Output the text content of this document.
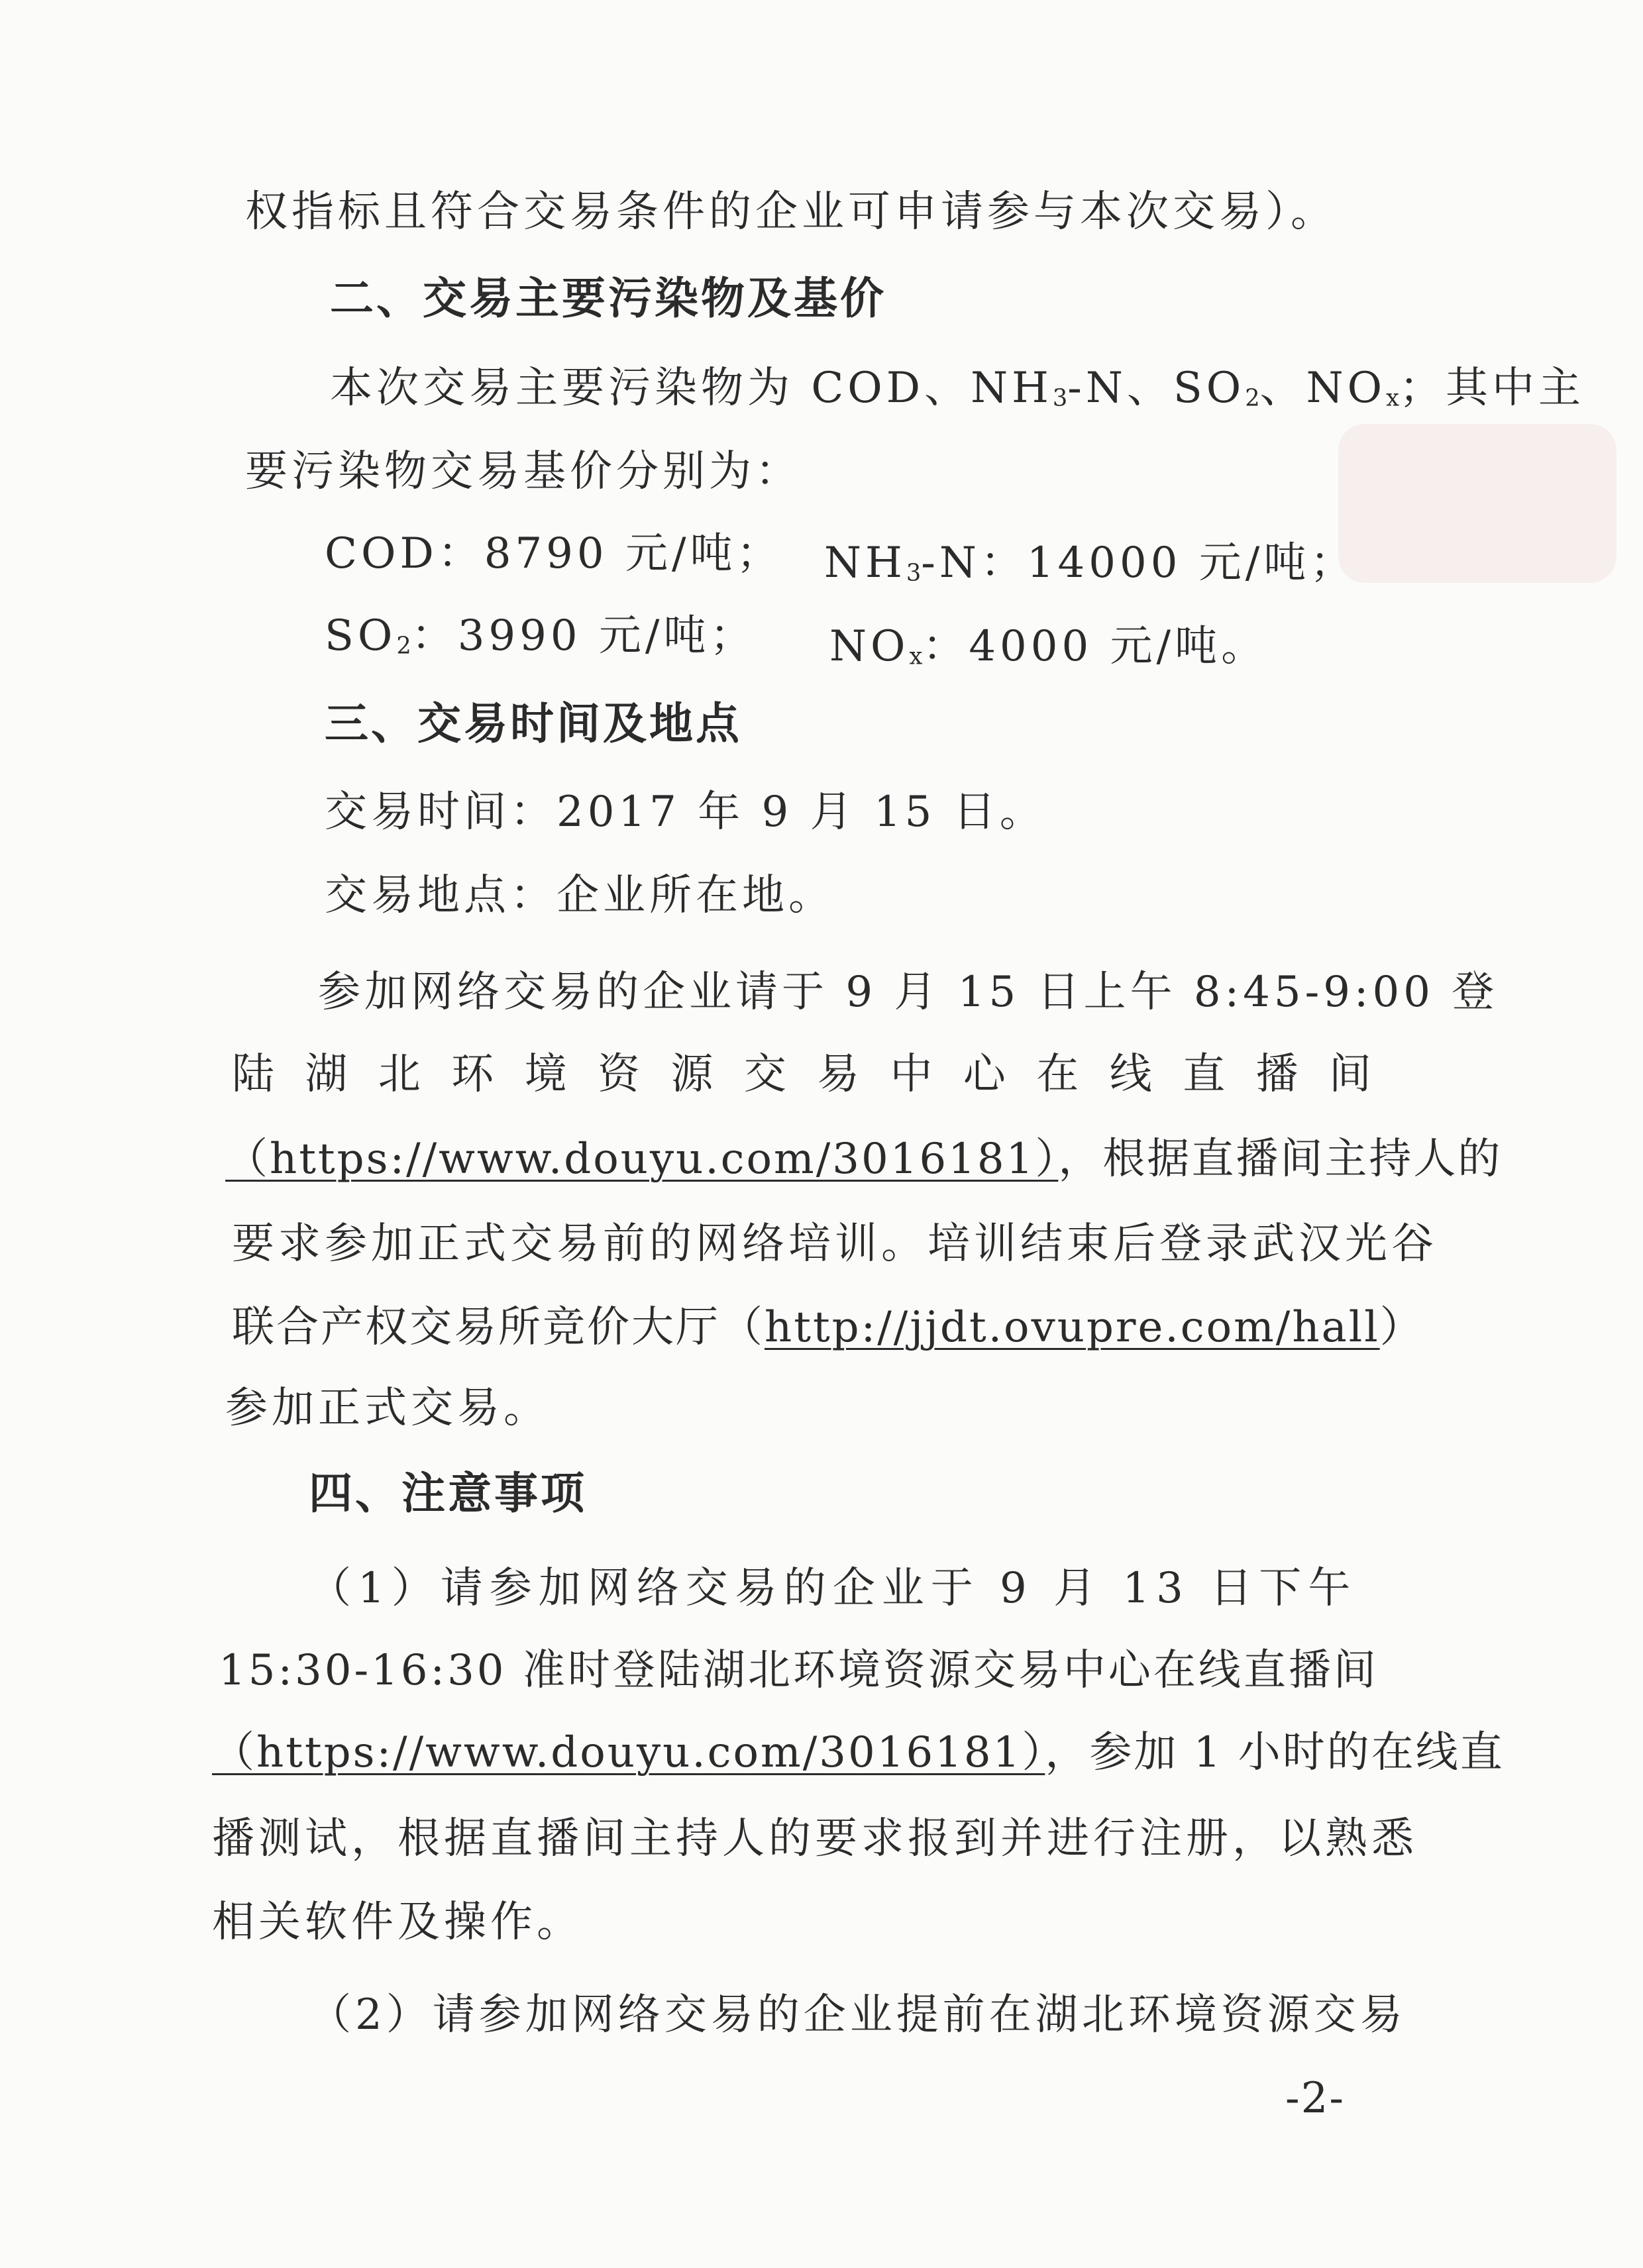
权指标且符合交易条件的企业可申请参与本次交易）。
二、交易主要污染物及基价
本次交易主要污染物为 COD、$NH_3-N$、$SO_2$、$NO_x$；其中主
要污染物交易基价分别为：
COD：8790 元/吨； $NH_3-N$：14000 元/吨；
$SO_2$：3990 元/吨； $NO_x$：4000 元/吨。
三、交易时间及地点
交易时间：2017 年 9 月 15 日。
交易地点：企业所在地。
参加网络交易的企业请于 9 月 15 日上午 8:45-9:00 登
陆 湖 北 环 境 资 源 交 易 中 心 在 线 直 播 间
（https://www.douyu.com/3016181），根据直播间主持人的
要求参加正式交易前的网络培训。培训结束后登录武汉光谷
联合产权交易所竞价大厅（http://jjdt.ovupre.com/hall）
参加正式交易。
四、注意事项
（1）请参加网络交易的企业于 9 月 13 日下午
15:30-16:30 准时登陆湖北环境资源交易中心在线直播间
（https://www.douyu.com/3016181），参加 1 小时的在线直
播测试，根据直播间主持人的要求报到并进行注册，以熟悉
相关软件及操作。
（2）请参加网络交易的企业提前在湖北环境资源交易
-2-
